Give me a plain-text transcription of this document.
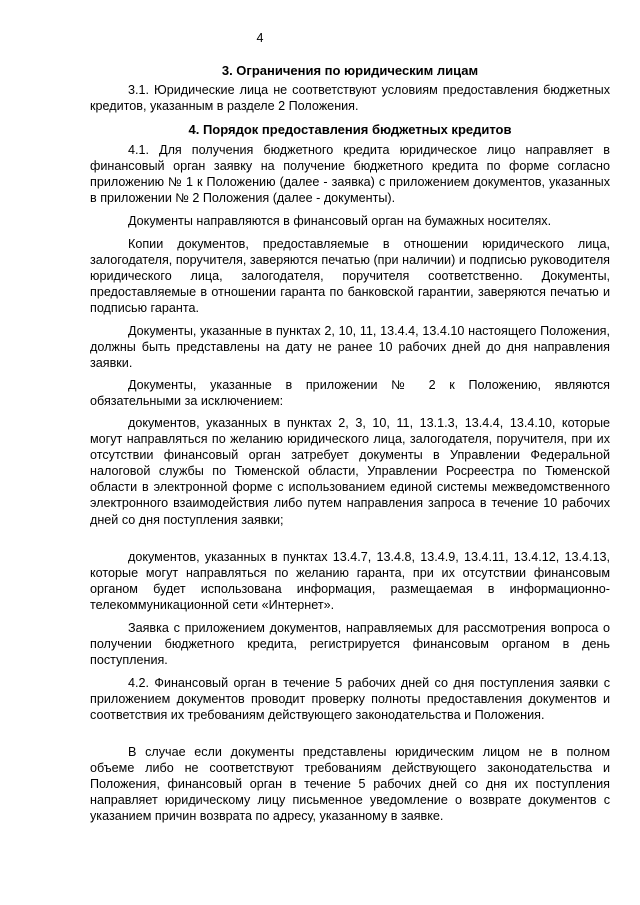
4
3. Ограничения по юридическим лицам

3.1. Юридические лица не соответствуют условиям предоставления бюджетных кредитов, указанным в разделе 2 Положения.

4. Порядок предоставления бюджетных кредитов

4.1. Для получения бюджетного кредита юридическое лицо направляет в финансовый орган заявку на получение бюджетного кредита по форме согласно приложению № 1 к Положению (далее - заявка) с приложением документов, указанных в приложении № 2 Положения (далее - документы).

Документы направляются в финансовый орган на бумажных носителях.

Копии документов, предоставляемые в отношении юридического лица, залогодателя, поручителя, заверяются печатью (при наличии) и подписью руководителя юридического лица, залогодателя, поручителя соответственно. Документы, предоставляемые в отношении гаранта по банковской гарантии, заверяются печатью и подписью гаранта.

Документы, указанные в пунктах 2, 10, 11, 13.4.4, 13.4.10 настоящего Положения, должны быть представлены на дату не ранее 10 рабочих дней до дня направления заявки.

Документы, указанные в приложении № 2 к Положению, являются обязательными за исключением:

документов, указанных в пунктах 2, 3, 10, 11, 13.1.3, 13.4.4, 13.4.10, которые могут направляться по желанию юридического лица, залогодателя, поручителя, при их отсутствии финансовый орган затребует документы в Управлении Федеральной налоговой службы по Тюменской области, Управлении Росреестра по Тюменской области в электронной форме с использованием единой системы межведомственного электронного взаимодействия либо путем направления запроса в течение 10 рабочих дней со дня поступления заявки;

документов, указанных в пунктах 13.4.7, 13.4.8, 13.4.9, 13.4.11, 13.4.12, 13.4.13, которые могут направляться по желанию гаранта, при их отсутствии финансовым органом будет использована информация, размещаемая в информационно-телекоммуникационной сети «Интернет».

Заявка с приложением документов, направляемых для рассмотрения вопроса о получении бюджетного кредита, регистрируется финансовым органом в день поступления.

4.2. Финансовый орган в течение 5 рабочих дней со дня поступления заявки с приложением документов проводит проверку полноты предоставления документов и соответствия их требованиям действующего законодательства и Положения.

В случае если документы представлены юридическим лицом не в полном объеме либо не соответствуют требованиям действующего законодательства и Положения, финансовый орган в течение 5 рабочих дней со дня их поступления направляет юридическому лицу письменное уведомление о возврате документов с указанием причин возврата по адресу, указанному в заявке.
